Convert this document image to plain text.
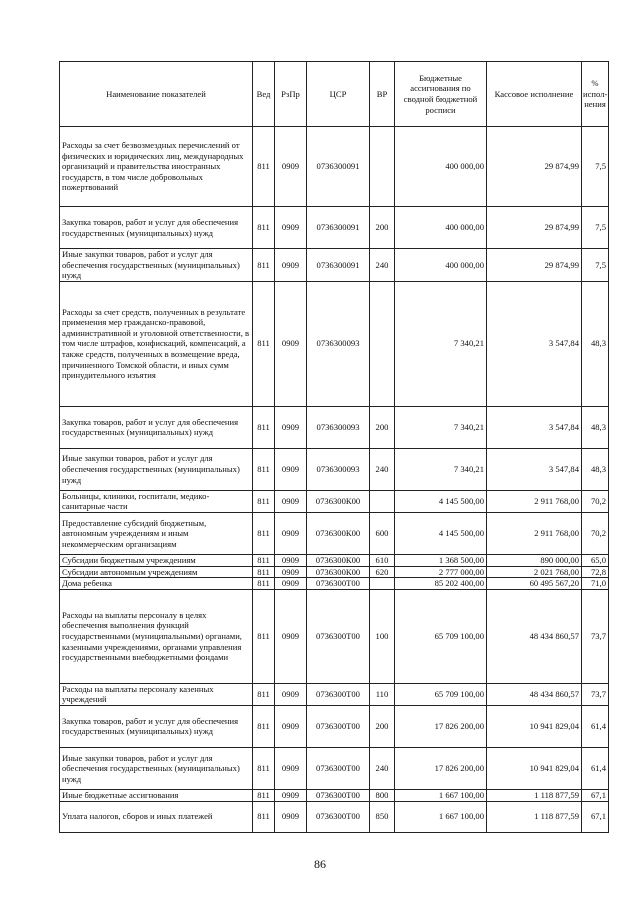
Наименование показателей	Вед	РзПр	ЦСР	ВР	Бюджетные ассигнования по сводной бюджетной росписи	Кассовое исполнение	% испол-нения
Расходы за счет безвозмездных перечислений от физических и юридических лиц, международных организаций и правительства иностранных государств, в том числе добровольных пожертвований	811	0909	0736300091		400 000,00	29 874,99	7,5
Закупка товаров, работ и услуг для обеспечения государственных (муниципальных) нужд	811	0909	0736300091	200	400 000,00	29 874,99	7,5
Иные закупки товаров, работ и услуг для обеспечения государственных (муниципальных) нужд	811	0909	0736300091	240	400 000,00	29 874,99	7,5
Расходы за счет средств, полученных в результате применения мер гражданско-правовой, административной и уголовной ответственности, в том числе штрафов, конфискаций, компенсаций, а также средств, полученных в возмещение вреда, причиненного Томской области, и иных сумм принудительного изъятия	811	0909	0736300093		7 340,21	3 547,84	48,3
Закупка товаров, работ и услуг для обеспечения государственных (муниципальных) нужд	811	0909	0736300093	200	7 340,21	3 547,84	48,3
Иные закупки товаров, работ и услуг для обеспечения государственных (муниципальных) нужд	811	0909	0736300093	240	7 340,21	3 547,84	48,3
Больницы, клиники, госпитали, медико-санитарные части	811	0909	0736300К00		4 145 500,00	2 911 768,00	70,2
Предоставление субсидий бюджетным, автономным учреждениям и иным некоммерческим организациям	811	0909	0736300К00	600	4 145 500,00	2 911 768,00	70,2
Субсидии бюджетным учреждениям	811	0909	0736300К00	610	1 368 500,00	890 000,00	65,0
Субсидии автономным учреждениям	811	0909	0736300К00	620	2 777 000,00	2 021 768,00	72,8
Дома ребенка	811	0909	0736300Т00		85 202 400,00	60 495 567,20	71,0
Расходы на выплаты персоналу в целях обеспечения выполнения функций государственными (муниципальными) органами, казенными учреждениями, органами управления государственными внебюджетными фондами	811	0909	0736300Т00	100	65 709 100,00	48 434 860,57	73,7
Расходы на выплаты персоналу казенных учреждений	811	0909	0736300Т00	110	65 709 100,00	48 434 860,57	73,7
Закупка товаров, работ и услуг для обеспечения государственных (муниципальных) нужд	811	0909	0736300Т00	200	17 826 200,00	10 941 829,04	61,4
Иные закупки товаров, работ и услуг для обеспечения государственных (муниципальных) нужд	811	0909	0736300Т00	240	17 826 200,00	10 941 829,04	61,4
Иные бюджетные ассигнования	811	0909	0736300Т00	800	1 667 100,00	1 118 877,59	67,1
Уплата налогов, сборов и иных платежей	811	0909	0736300Т00	850	1 667 100,00	1 118 877,59	67,1
86
